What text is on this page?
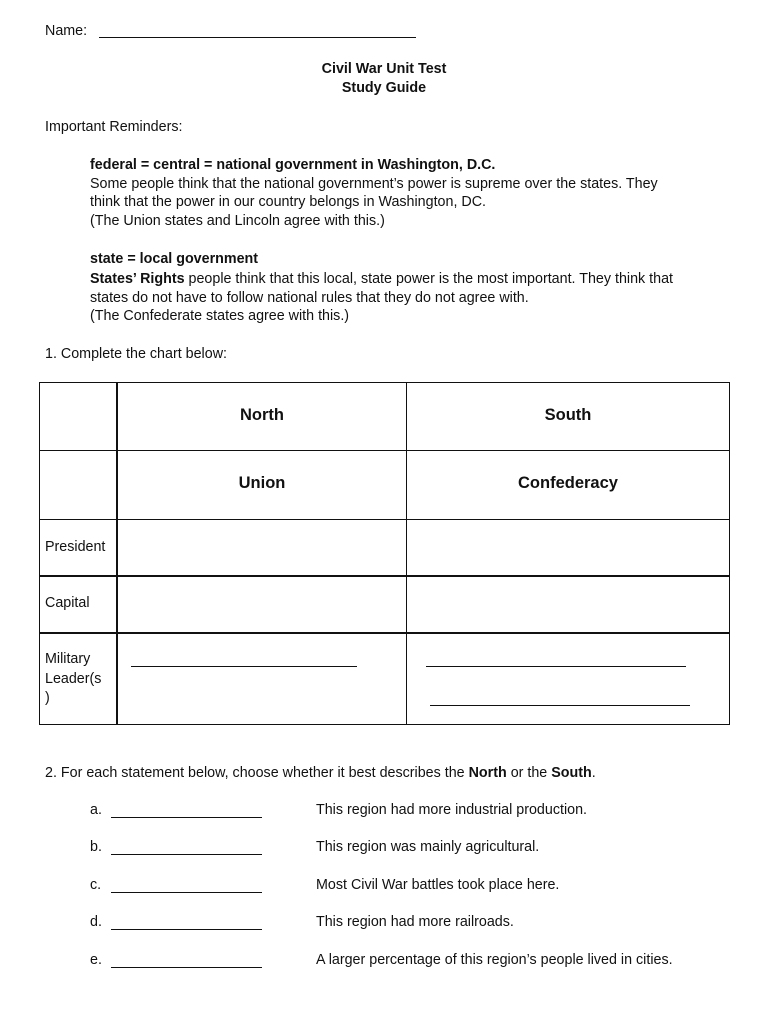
Name:
Civil War Unit Test
Study Guide
Important Reminders:
federal = central = national government in Washington, D.C.
Some people think that the national government’s power is supreme over the states. They
think that the power in our country belongs in Washington, DC.
(The Union states and Lincoln agree with this.)
state = local government
States’ Rights people think that this local, state power is the most important. They think that
states do not have to follow national rules that they do not agree with.
(The Confederate states agree with this.)
1. Complete the chart below:
North	South
Union	Confederacy
President
Capital
Military
Leader(s
)
2. For each statement below, choose whether it best describes the North or the South.
a.	This region had more industrial production.
b.	This region was mainly agricultural.
c.	Most Civil War battles took place here.
d.	This region had more railroads.
e.	A larger percentage of this region’s people lived in cities.
